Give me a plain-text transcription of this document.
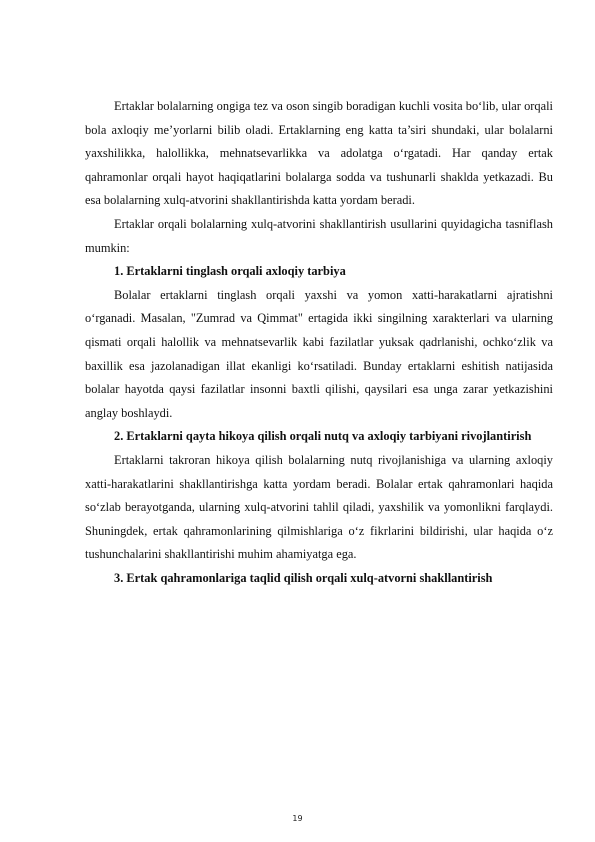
Ertaklar bolalarning ongiga tez va oson singib boradigan kuchli vosita bo‘lib, ular orqali bola axloqiy me’yorlarni bilib oladi. Ertaklarning eng katta ta’siri shundaki, ular bolalarni yaxshilikka, halollikka, mehnatsevarlikka va adolatga o‘rgatadi. Har qanday ertak qahramonlar orqali hayot haqiqatlarini bolalarga sodda va tushunarli shaklda yetkazadi. Bu esa bolalarning xulq-atvorini shakllantirishda katta yordam beradi.

Ertaklar orqali bolalarning xulq-atvorini shakllantirish usullarini quyidagicha tasniflash mumkin:

1. Ertaklarni tinglash orqali axloqiy tarbiya

Bolalar ertaklarni tinglash orqali yaxshi va yomon xatti-harakatlarni ajratishni o‘rganadi. Masalan, "Zumrad va Qimmat" ertagida ikki singilning xarakterlari va ularning qismati orqali halollik va mehnatsevarlik kabi fazilatlar yuksak qadrlanishi, ochko‘zlik va baxillik esa jazolanadigan illat ekanligi ko‘rsatiladi. Bunday ertaklarni eshitish natijasida bolalar hayotda qaysi fazilatlar insonni baxtli qilishi, qaysilari esa unga zarar yetkazishini anglay boshlaydi.

2. Ertaklarni qayta hikoya qilish orqali nutq va axloqiy tarbiyani rivojlantirish

Ertaklarni takroran hikoya qilish bolalarning nutq rivojlanishiga va ularning axloqiy xatti-harakatlarini shakllantirishga katta yordam beradi. Bolalar ertak qahramonlari haqida so‘zlab berayotganda, ularning xulq-atvorini tahlil qiladi, yaxshilik va yomonlikni farqlaydi. Shuningdek, ertak qahramonlarining qilmishlariga o‘z fikrlarini bildirishi, ular haqida o‘z tushunchalarini shakllantirishi muhim ahamiyatga ega.

3. Ertak qahramonlariga taqlid qilish orqali xulq-atvorni shakllantirish

19
